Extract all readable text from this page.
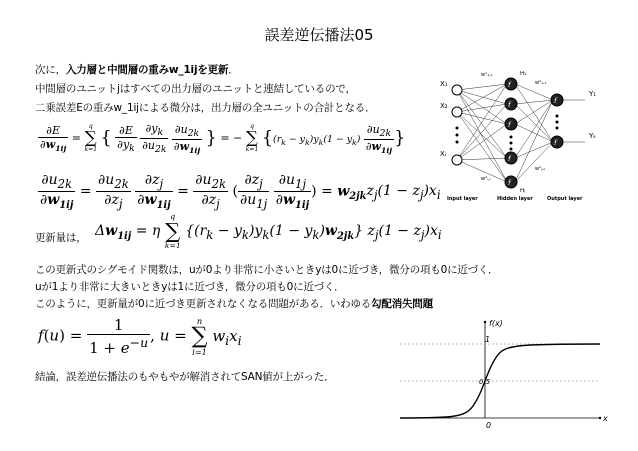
誤差逆伝播法05
次に，入力層と中間層の重みw_1ijを更新．
中間層のユニットjはすべての出力層のユニットと連結しているので，
二乗誤差Eの重みw_1ijによる微分は，出力層の全ユニットの合計となる．
$\frac{\partial E}{\partial w_{1ij}}$ =
q
∑
k=1
{ $\frac{\partial E}{\partial y_k}$
$\frac{\partial y_k}{\partial u_{2k}}$
$\frac{\partial u_{2k}}{\partial w_{1ij}}$ } = −
q
∑
k=1
{$(r_k - y_k)y_k(1 - y_k) \frac{\partial u_{2k}}{\partial w_{1ij}}$ }
$\frac{\partial u_{2k}}{\partial w_{1ij}} = \frac{\partial u_{2k}}{\partial z_j}$
$\frac{\partial z_j}{\partial w_{1ij}} = \frac{\partial u_{2k}}{\partial z_j}$ ( $\frac{\partial z_j}{\partial u_{1j}}$
$\frac{\partial u_{1j}}{\partial w_{1ij}}$ ) = $w_{2jk}z_j(1 - z_j)x_i$
更新量は， $\Delta w_{1ij} = \eta$
q
∑
k=1
$\{(r_k - y_k)y_k(1 - y_k)w_{2jk}\} z_j(1 - z_j)x_i$
この更新式のシグモイド関数は，uが0より非常に小さいときyは0に近づき，微分の項も0に近づく．
uが1より非常に大きいときyは1に近づき，微分の項も0に近づく．
このように，更新量が0に近づき更新されなくなる問題がある．いわゆる勾配消失問題
$f(u) = \frac{1}{1 + e^{-u}}$ , u =
n
∑
i=1
$w_ix_i$
結論，誤差逆伝播法のもやもやが解消されてSAN値が上がった．
X₁
X₂
Xᵢ
f
f
f
f
f
H₁
Hⱼ
w¹₁,₁
w¹ᵢ,ⱼ
w²₁,₁
w²ⱼ,ₖ
f
f
Y₁
Yₖ
Input layer	Hidden layer	Output layer
f(x)
x
1
0.5
0
